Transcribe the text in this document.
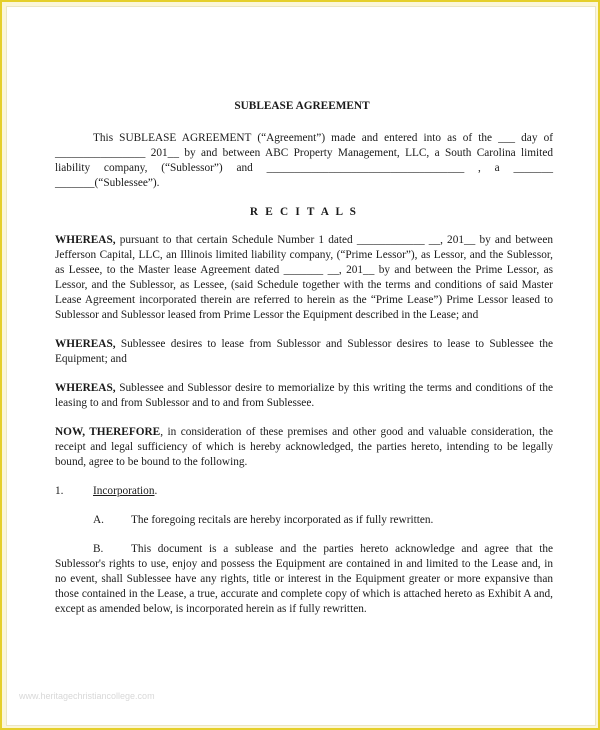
SUBLEASE AGREEMENT

This SUBLEASE AGREEMENT (“Agreement”) made and entered into as of the ___ day of ________________ 201__ by and between ABC Property Management, LLC, a South Carolina limited liability company, (“Sublessor”) and ___________________________________ , a _______ _______(“Sublessee”).

R E C I T A L S

WHEREAS, pursuant to that certain Schedule Number 1 dated ____________ __, 201__ by and between Jefferson Capital, LLC, an Illinois limited liability company, (“Prime Lessor”), as Lessor, and the Sublessor, as Lessee, to the Master lease Agreement dated _______ __, 201__ by and between the Prime Lessor, as Lessor, and the Sublessor, as Lessee, (said Schedule together with the terms and conditions of said Master Lease Agreement incorporated therein are referred to herein as the “Prime Lease”) Prime Lessor leased to Sublessor and Sublessor leased from Prime Lessor the Equipment described in the Lease; and

WHEREAS, Sublessee desires to lease from Sublessor and Sublessor desires to lease to Sublessee the Equipment; and

WHEREAS, Sublessee and Sublessor desire to memorialize by this writing the terms and conditions of the leasing to and from Sublessor and to and from Sublessee.

NOW, THEREFORE, in consideration of these premises and other good and valuable consideration, the receipt and legal sufficiency of which is hereby acknowledged, the parties hereto, intending to be legally bound, agree to be bound to the following.

1.	Incorporation.

A. The foregoing recitals are hereby incorporated as if fully rewritten.

B. This document is a sublease and the parties hereto acknowledge and agree that the Sublessor's rights to use, enjoy and possess the Equipment are contained in and limited to the Lease and, in no event, shall Sublessee have any rights, title or interest in the Equipment greater or more expansive than those contained in the Lease, a true, accurate and complete copy of which is attached hereto as Exhibit A and, except as amended below, is incorporated herein as if fully rewritten.

www.heritagechristiancollege.com
